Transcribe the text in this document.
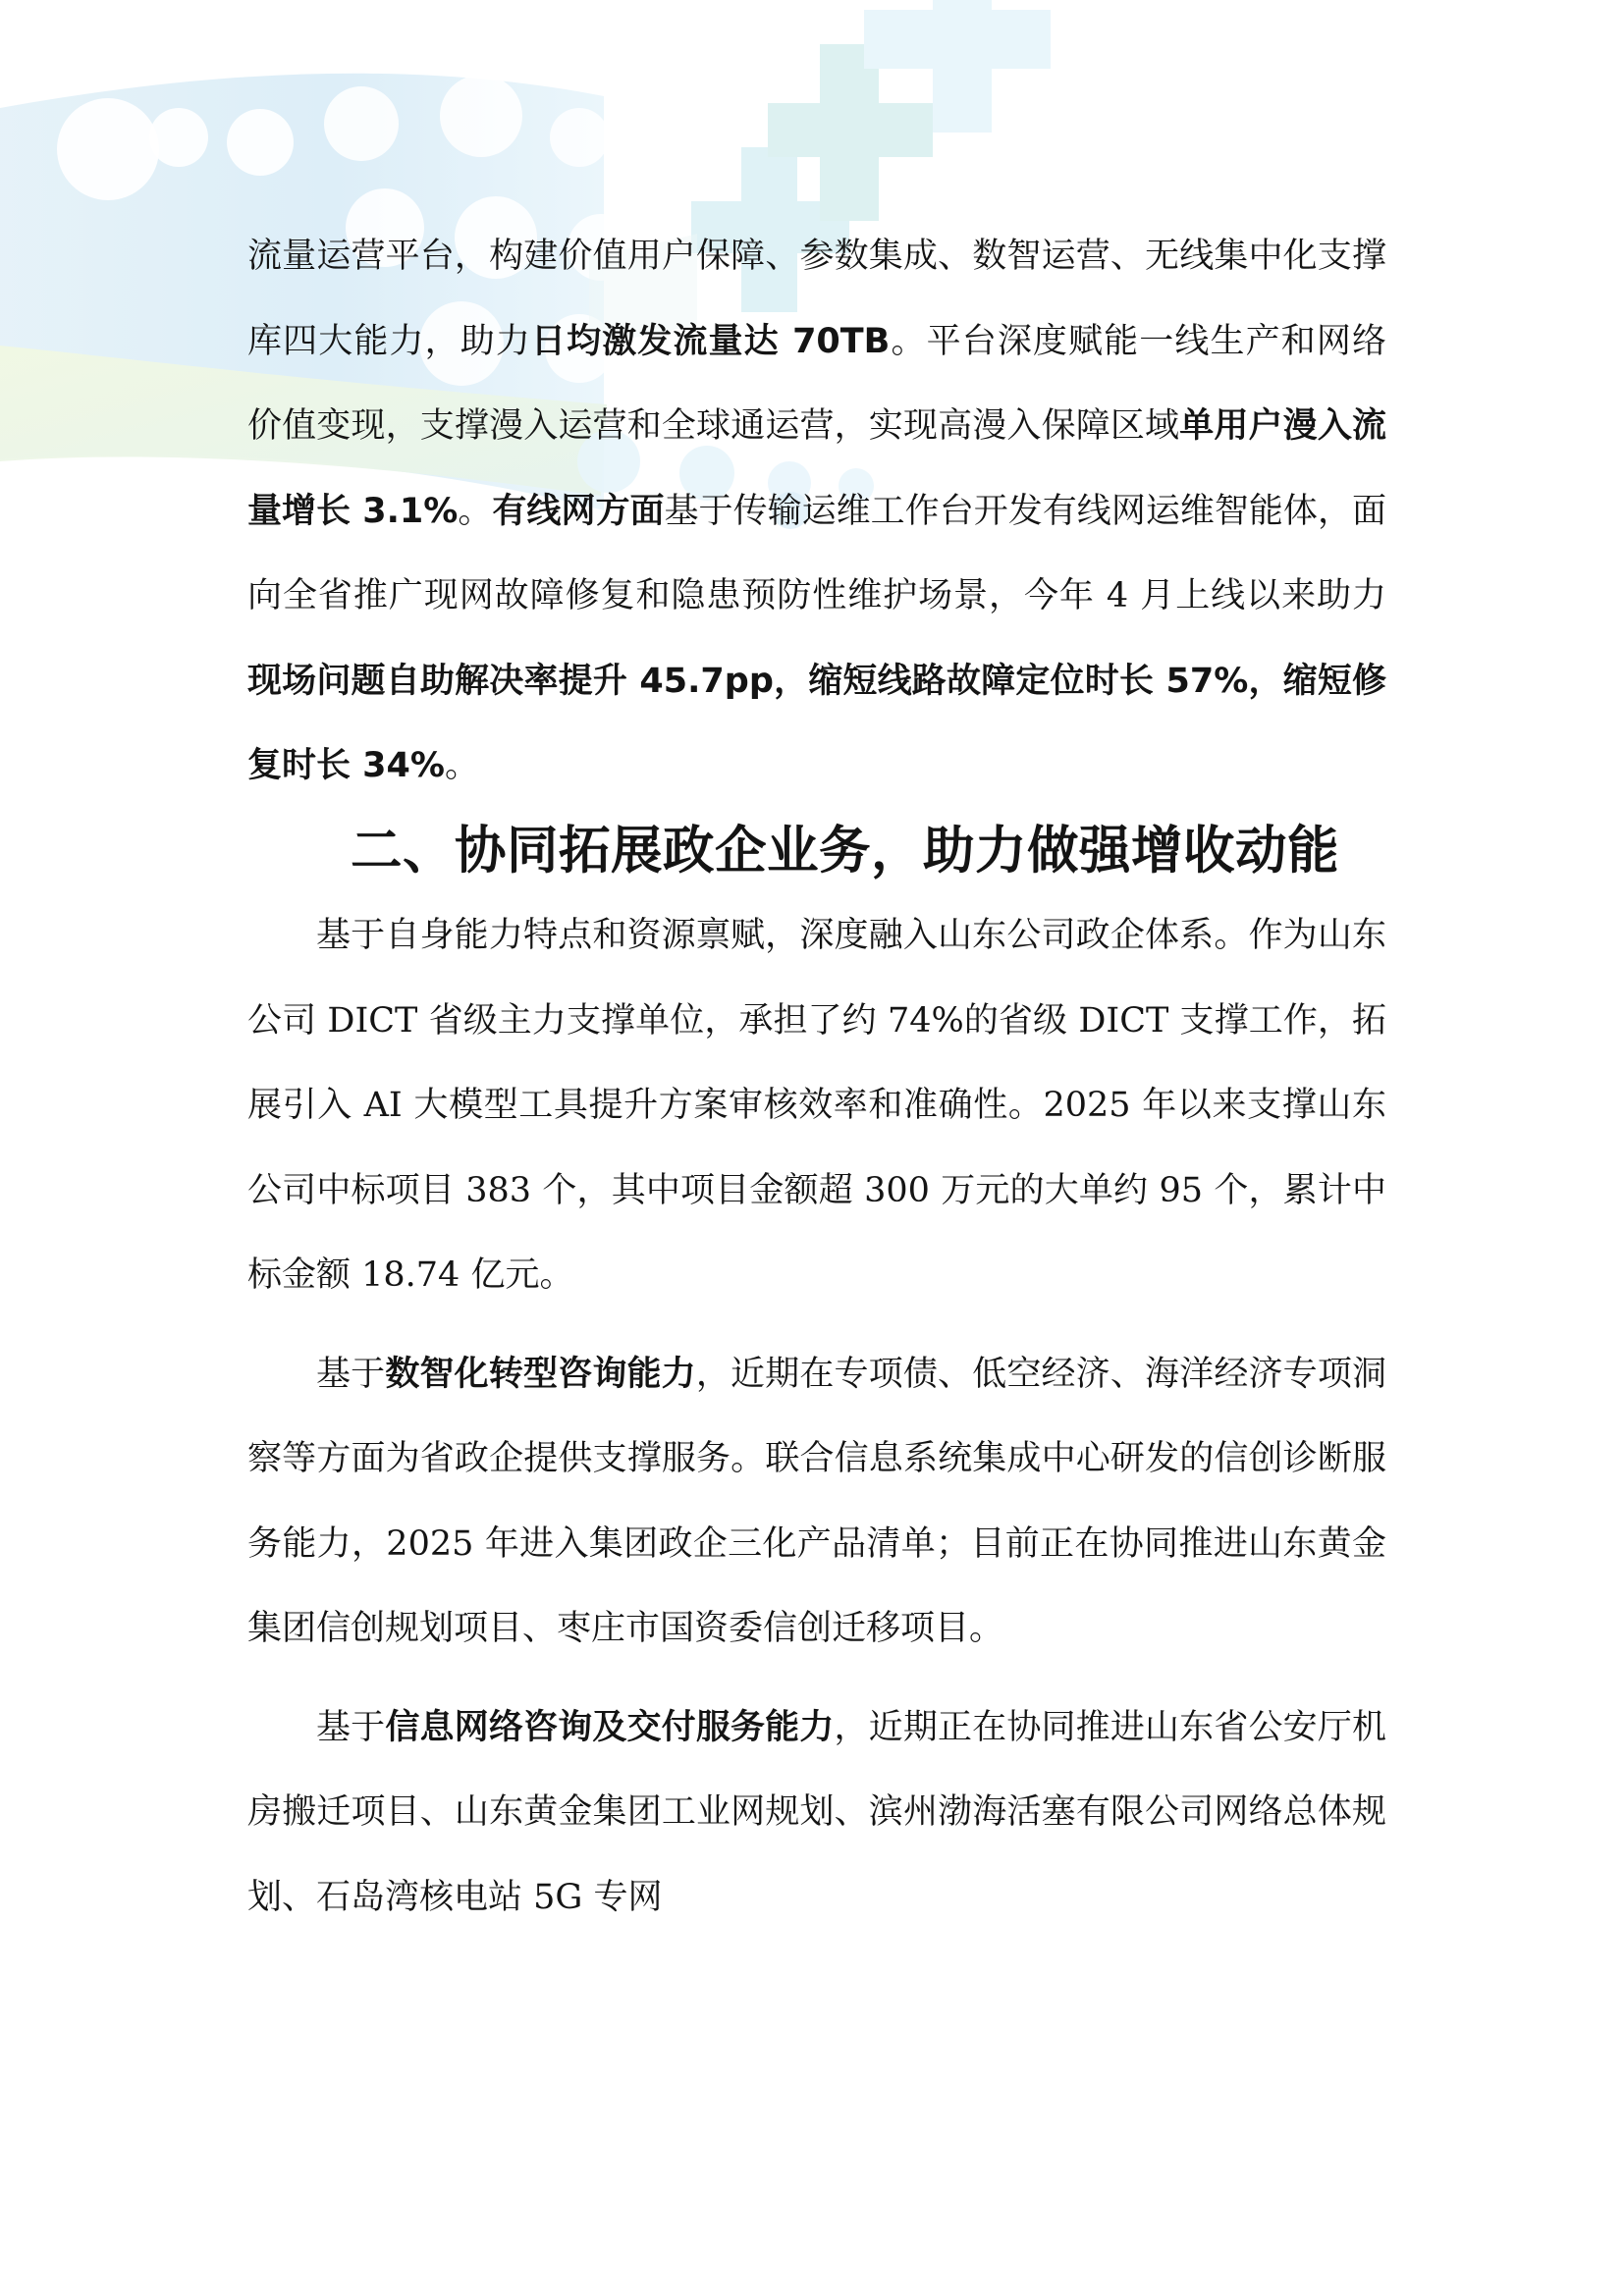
流量运营平台，构建价值用户保障、参数集成、数智运营、无线集中化支撑库四大能力，助力日均激发流量达 70TB。平台深度赋能一线生产和网络价值变现，支撑漫入运营和全球通运营，实现高漫入保障区域单用户漫入流量增长 3.1%。有线网方面基于传输运维工作台开发有线网运维智能体，面向全省推广现网故障修复和隐患预防性维护场景，今年 4 月上线以来助力现场问题自助解决率提升 45.7pp，缩短线路故障定位时长 57%，缩短修复时长 34%。

二、协同拓展政企业务，助力做强增收动能

基于自身能力特点和资源禀赋，深度融入山东公司政企体系。作为山东公司 DICT 省级主力支撑单位，承担了约 74%的省级 DICT 支撑工作，拓展引入 AI 大模型工具提升方案审核效率和准确性。2025 年以来支撑山东公司中标项目 383 个，其中项目金额超 300 万元的大单约 95 个，累计中标金额 18.74 亿元。

基于数智化转型咨询能力，近期在专项债、低空经济、海洋经济专项洞察等方面为省政企提供支撑服务。联合信息系统集成中心研发的信创诊断服务能力，2025 年进入集团政企三化产品清单；目前正在协同推进山东黄金集团信创规划项目、枣庄市国资委信创迁移项目。

基于信息网络咨询及交付服务能力，近期正在协同推进山东省公安厅机房搬迁项目、山东黄金集团工业网规划、滨州渤海活塞有限公司网络总体规划、石岛湾核电站 5G 专网
